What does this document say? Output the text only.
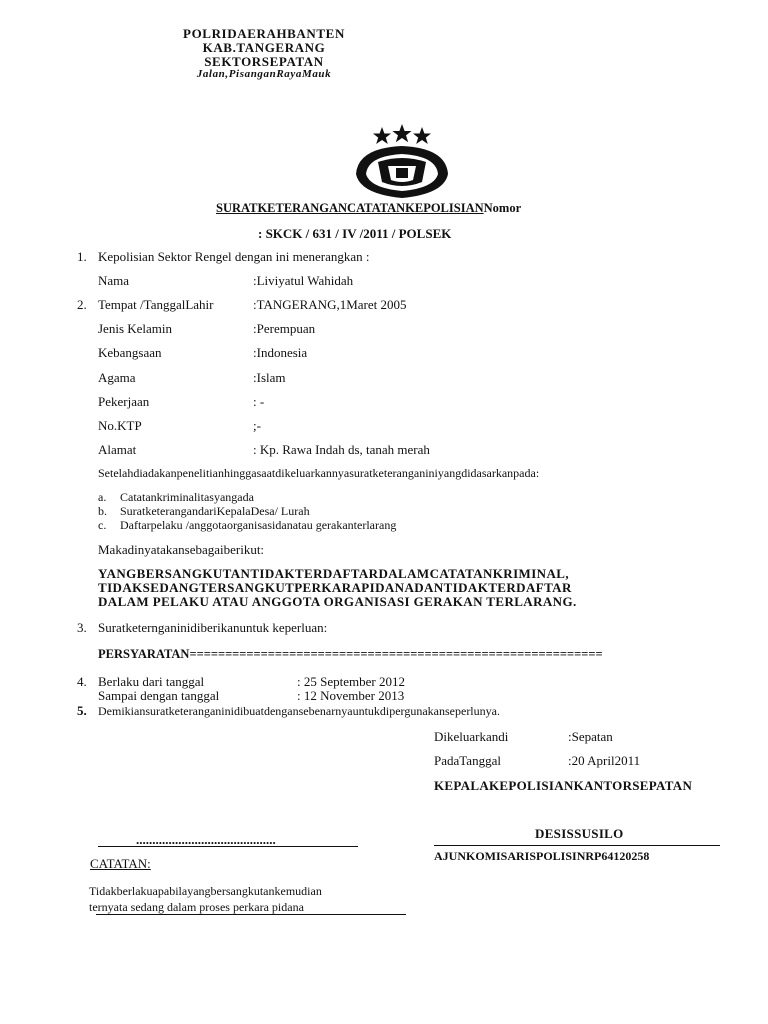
POLRIDAERAHBANTEN
KAB.TANGERANG
SEKTORSEPATAN
Jalan,PisanganRayaMauk
SURATKETERANGANCATATANKEPOLISIANNomor
: SKCK / 631 / IV /2011 / POLSEK
1. Kepolisian Sektor Rengel dengan ini menerangkan :
Nama	:Liviyatul Wahidah
2. Tempat /TanggalLahir	:TANGERANG,1Maret 2005
Jenis Kelamin	:Perempuan
Kebangsaan	:Indonesia
Agama	:Islam
Pekerjaan	: -
No.KTP	;-
Alamat	: Kp. Rawa Indah ds, tanah merah
Setelahdiadakanpenelitianhinggasaatdikeluarkannyasuratketeranganiniyangdidasarkanpada:
a. Catatankriminalitasyangada
b. SuratketerangandariKepalaDesa/ Lurah
c. Daftarpelaku /anggotaorganisasidanatau gerakanterlarang
Makadinyatakansebagaiberikut:
YANGBERSANGKUTANTIDAKTERDAFTARDALAMCATATANKRIMINAL,
TIDAKSEDANGTERSANGKUTPERKARAPIDANADANTIDAKTERDAFTAR
DALAM PELAKU ATAU ANGGOTA ORGANISASI GERAKAN TERLARANG.
3. Suratketernganinidiberikanuntuk keperluan:
PERSYARATAN==========================================================
4. Berlaku dari tanggal	: 25 September 2012
Sampai dengan tanggal	: 12 November 2013
5. Demikiansuratketeranganinidibuatdengansebenarnyauntukdipergunakanseperlunya.
Dikeluarkandi	:Sepatan
PadaTanggal	:20 April2011
KEPALAKEPOLISIANKANTORSEPATAN
...........................................	DESISSUSILO
AJUNKOMISARISPOLISINRP64120258
CATATAN:
Tidakberlakuapabilayangbersangkutankemudian
ternyata sedang dalam proses perkara pidana
